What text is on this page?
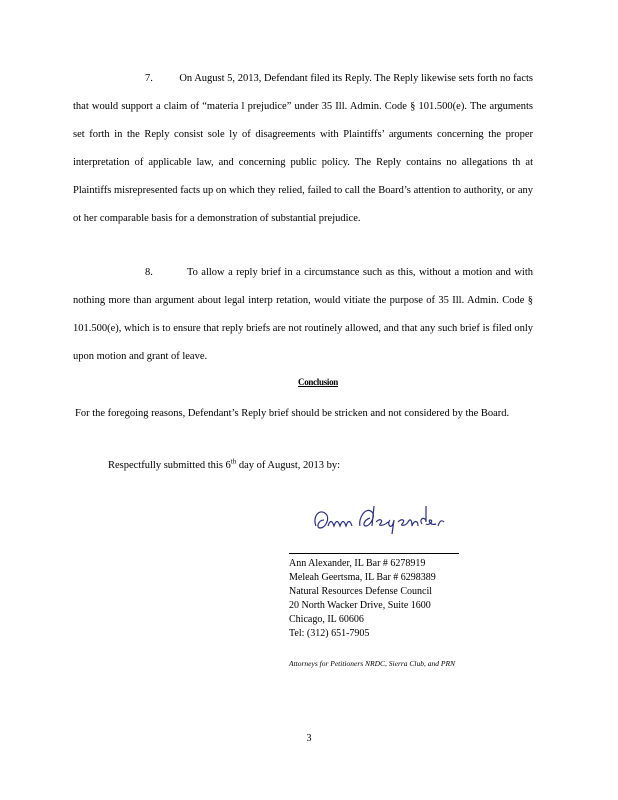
7.	On August 5, 2013, Defendant filed its Reply. The Reply likewise sets forth no facts that would support a claim of “materia l prejudice” under 35 Ill. Admin. Code § 101.500(e). The arguments set forth in the Reply consist sole ly of disagreements with Plaintiffs’ arguments concerning the proper interpretation of applicable law, and concerning public policy. The Reply contains no allegations th at Plaintiffs misrepresented facts up on which they relied, failed to call the Board’s attention to authority, or any ot her comparable basis for a demonstration of substantial prejudice.

8.	To allow a reply brief in a circumstance such as this, without a motion and with nothing more than argument about legal interp retation, would vitiate the purpose of 35 Ill. Admin. Code § 101.500(e), which is to ensure that reply briefs are not routinely allowed, and that any such brief is filed only upon motion and grant of leave.

Conclusion

For the foregoing reasons, Defendant’s Reply brief should be stricken and not considered by the Board.

Respectfully submitted this 6th day of August, 2013 by:

Ann Alexander
Ann Alexander, IL Bar # 6278919
Meleah Geertsma, IL Bar # 6298389
Natural Resources Defense Council
20 North Wacker Drive, Suite 1600
Chicago, IL 60606
Tel: (312) 651-7905
Attorneys for Petitioners NRDC, Sierra Club, and PRN
3
